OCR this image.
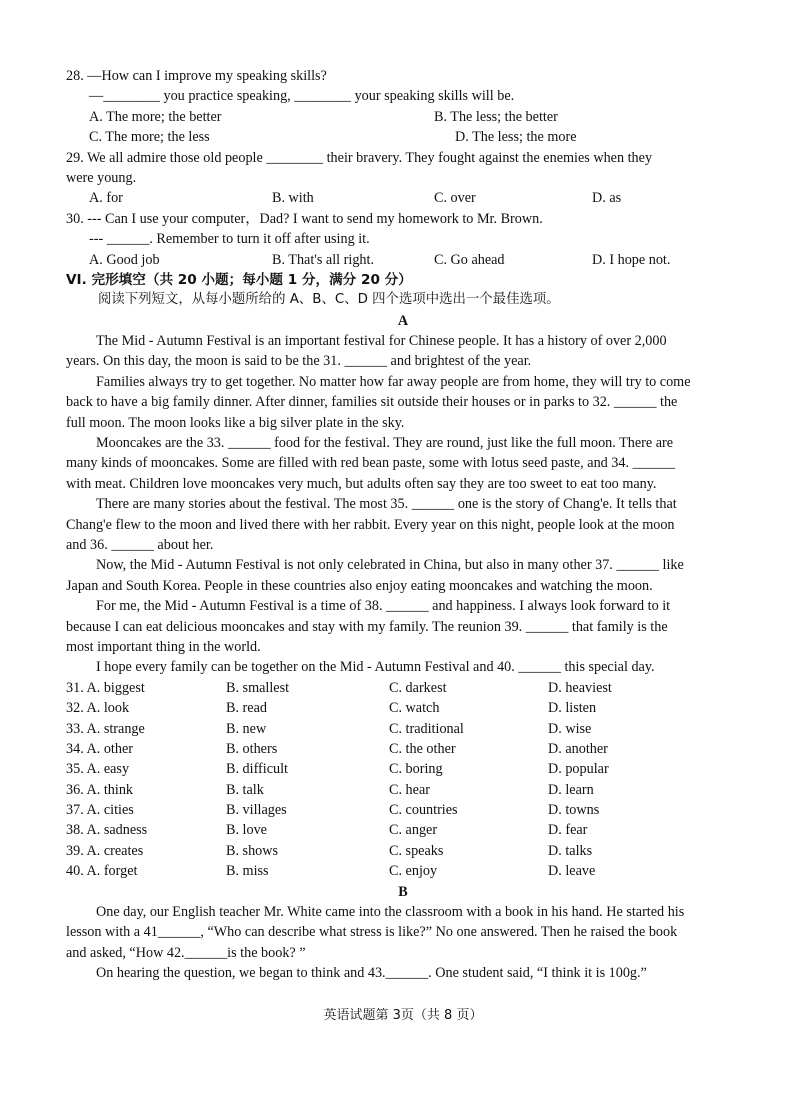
28. —How can I improve my speaking skills?
—________ you practice speaking, ________ your speaking skills will be.
A. The more; the better	B. The less; the better
C. The more; the less	D. The less; the more
29. We all admire those old people ________ their bravery. They fought against the enemies when they
were young.
A. for	B. with	C. over	D. as
30. --- Can I use your computer，Dad? I want to send my homework to Mr. Brown.
--- ______. Remember to turn it off after using it.
A. Good job	B. That's all right.	C. Go ahead	D. I hope not.
VI. 完形填空（共 20 小题；每小题 1 分，满分 20 分）
阅读下列短文，从每小题所给的 A、B、C、D 四个选项中选出一个最佳选项。
A
The Mid - Autumn Festival is an important festival for Chinese people. It has a history of over 2,000
years. On this day, the moon is said to be the 31. ______ and brightest of the year.
Families always try to get together. No matter how far away people are from home, they will try to come
back to have a big family dinner. After dinner, families sit outside their houses or in parks to 32. ______ the
full moon. The moon looks like a big silver plate in the sky.
Mooncakes are the 33. ______ food for the festival. They are round, just like the full moon. There are
many kinds of mooncakes. Some are filled with red bean paste, some with lotus seed paste, and 34. ______
with meat. Children love mooncakes very much, but adults often say they are too sweet to eat too many.
There are many stories about the festival. The most 35. ______ one is the story of Chang'e. It tells that
Chang'e flew to the moon and lived there with her rabbit. Every year on this night, people look at the moon
and 36. ______ about her.
Now, the Mid - Autumn Festival is not only celebrated in China, but also in many other 37. ______ like
Japan and South Korea. People in these countries also enjoy eating mooncakes and watching the moon.
For me, the Mid - Autumn Festival is a time of 38. ______ and happiness. I always look forward to it
because I can eat delicious mooncakes and stay with my family. The reunion 39. ______ that family is the
most important thing in the world.
I hope every family can be together on the Mid - Autumn Festival and 40. ______ this special day.
31. A. biggest	B. smallest	C. darkest	D. heaviest
32. A. look	B. read	C. watch	D. listen
33. A. strange	B. new	C. traditional	D. wise
34. A. other	B. others	C. the other	D. another
35. A. easy	B. difficult	C. boring	D. popular
36. A. think	B. talk	C. hear	D. learn
37. A. cities	B. villages	C. countries	D. towns
38. A. sadness	B. love	C. anger	D. fear
39. A. creates	B. shows	C. speaks	D. talks
40. A. forget	B. miss	C. enjoy	D. leave
B
One day, our English teacher Mr. White came into the classroom with a book in his hand. He started his
lesson with a 41______, “Who can describe what stress is like?” No one answered. Then he raised the book
and asked, “How 42.______is the book? ”
On hearing the question, we began to think and 43.______. One student said, “I think it is 100g.”
英语试题第 3页（共 8 页）
